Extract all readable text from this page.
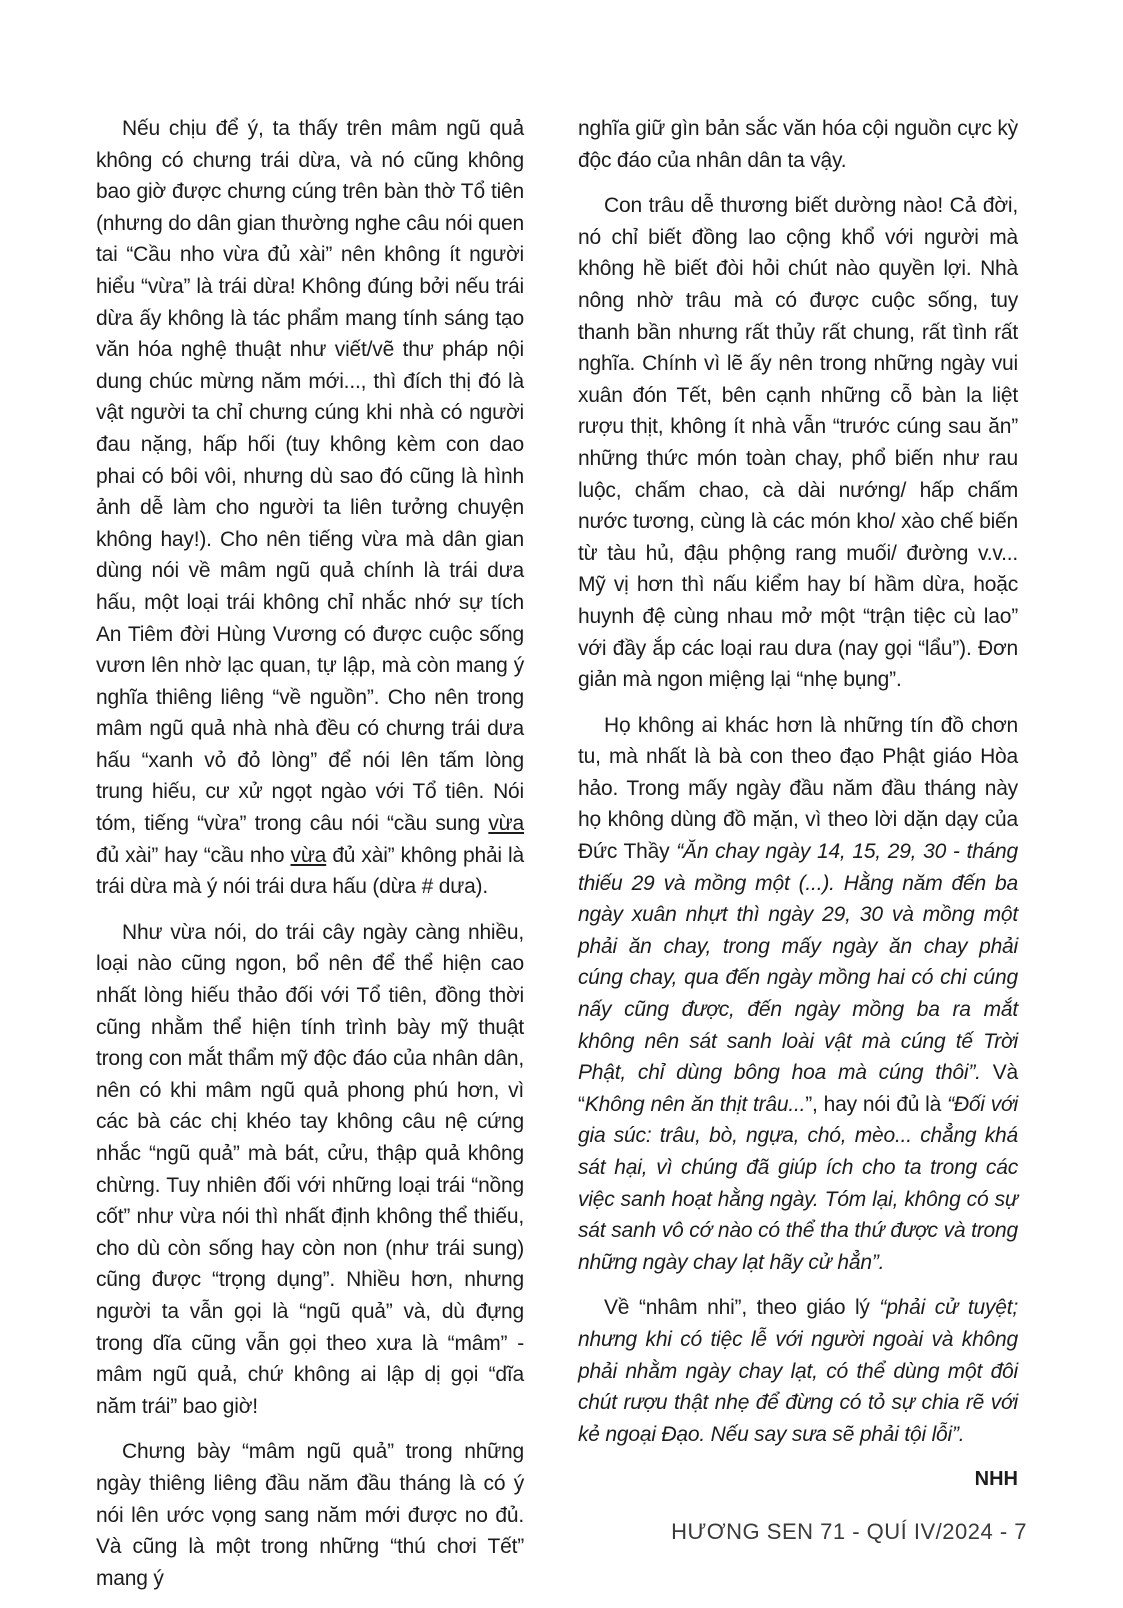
Nếu chịu để ý, ta thấy trên mâm ngũ quả không có chưng trái dừa, và nó cũng không bao giờ được chưng cúng trên bàn thờ Tổ tiên (nhưng do dân gian thường nghe câu nói quen tai “Cầu nho vừa đủ xài” nên không ít người hiểu “vừa” là trái dừa! Không đúng bởi nếu trái dừa ấy không là tác phẩm mang tính sáng tạo văn hóa nghệ thuật như viết/vẽ thư pháp nội dung chúc mừng năm mới..., thì đích thị đó là vật người ta chỉ chưng cúng khi nhà có người đau nặng, hấp hối (tuy không kèm con dao phai có bôi vôi, nhưng dù sao đó cũng là hình ảnh dễ làm cho người ta liên tưởng chuyện không hay!). Cho nên tiếng vừa mà dân gian dùng nói về mâm ngũ quả chính là trái dưa hấu, một loại trái không chỉ nhắc nhớ sự tích An Tiêm đời Hùng Vương có được cuộc sống vươn lên nhờ lạc quan, tự lập, mà còn mang ý nghĩa thiêng liêng “về nguồn”. Cho nên trong mâm ngũ quả nhà nhà đều có chưng trái dưa hấu “xanh vỏ đỏ lòng” để nói lên tấm lòng trung hiếu, cư xử ngọt ngào với Tổ tiên. Nói tóm, tiếng “vừa” trong câu nói “cầu sung vừa đủ xài” hay “cầu nho vừa đủ xài” không phải là trái dừa mà ý nói trái dưa hấu (dừa # dưa).

Như vừa nói, do trái cây ngày càng nhiều, loại nào cũng ngon, bổ nên để thể hiện cao nhất lòng hiếu thảo đối với Tổ tiên, đồng thời cũng nhằm thể hiện tính trình bày mỹ thuật trong con mắt thẩm mỹ độc đáo của nhân dân, nên có khi mâm ngũ quả phong phú hơn, vì các bà các chị khéo tay không câu nệ cứng nhắc “ngũ quả” mà bát, cửu, thập quả không chừng. Tuy nhiên đối với những loại trái “nồng cốt” như vừa nói thì nhất định không thể thiếu, cho dù còn sống hay còn non (như trái sung) cũng được “trọng dụng”. Nhiều hơn, nhưng người ta vẫn gọi là “ngũ quả” và, dù đựng trong dĩa cũng vẫn gọi theo xưa là “mâm” - mâm ngũ quả, chứ không ai lập dị gọi “dĩa năm trái” bao giờ!

Chưng bày “mâm ngũ quả” trong những ngày thiêng liêng đầu năm đầu tháng là có ý nói lên ước vọng sang năm mới được no đủ. Và cũng là một trong những “thú chơi Tết” mang ý

nghĩa giữ gìn bản sắc văn hóa cội nguồn cực kỳ độc đáo của nhân dân ta vậy.

Con trâu dễ thương biết dường nào! Cả đời, nó chỉ biết đồng lao cộng khổ với người mà không hề biết đòi hỏi chút nào quyền lợi. Nhà nông nhờ trâu mà có được cuộc sống, tuy thanh bần nhưng rất thủy rất chung, rất tình rất nghĩa. Chính vì lẽ ấy nên trong những ngày vui xuân đón Tết, bên cạnh những cỗ bàn la liệt rượu thịt, không ít nhà vẫn “trước cúng sau ăn” những thức món toàn chay, phổ biến như rau luộc, chấm chao, cà dài nướng/ hấp chấm nước tương, cùng là các món kho/ xào chế biến từ tàu hủ, đậu phộng rang muối/ đường v.v... Mỹ vị hơn thì nấu kiểm hay bí hầm dừa, hoặc huynh đệ cùng nhau mở một “trận tiệc cù lao” với đầy ắp các loại rau dưa (nay gọi “lẩu”). Đơn giản mà ngon miệng lại “nhẹ bụng”.

Họ không ai khác hơn là những tín đồ chơn tu, mà nhất là bà con theo đạo Phật giáo Hòa hảo. Trong mấy ngày đầu năm đầu tháng này họ không dùng đồ mặn, vì theo lời dặn dạy của Đức Thầy “Ăn chay ngày 14, 15, 29, 30 - tháng thiếu 29 và mồng một (...). Hằng năm đến ba ngày xuân nhựt thì ngày 29, 30 và mồng một phải ăn chay, trong mấy ngày ăn chay phải cúng chay, qua đến ngày mồng hai có chi cúng nấy cũng được, đến ngày mồng ba ra mắt không nên sát sanh loài vật mà cúng tế Trời Phật, chỉ dùng bông hoa mà cúng thôi”. Và “Không nên ăn thịt trâu...”, hay nói đủ là “Đối với gia súc: trâu, bò, ngựa, chó, mèo... chẳng khá sát hại, vì chúng đã giúp ích cho ta trong các việc sanh hoạt hằng ngày. Tóm lại, không có sự sát sanh vô cớ nào có thể tha thứ được và trong những ngày chay lạt hãy cử hẳn”.

Về “nhâm nhi”, theo giáo lý “phải cử tuyệt; nhưng khi có tiệc lễ với người ngoài và không phải nhằm ngày chay lạt, có thể dùng một đôi chút rượu thật nhẹ để đừng có tỏ sự chia rẽ với kẻ ngoại Đạo. Nếu say sưa sẽ phải tội lỗi”.

NHH
HƯƠNG SEN 71 - QUÍ IV/2024 - 7
